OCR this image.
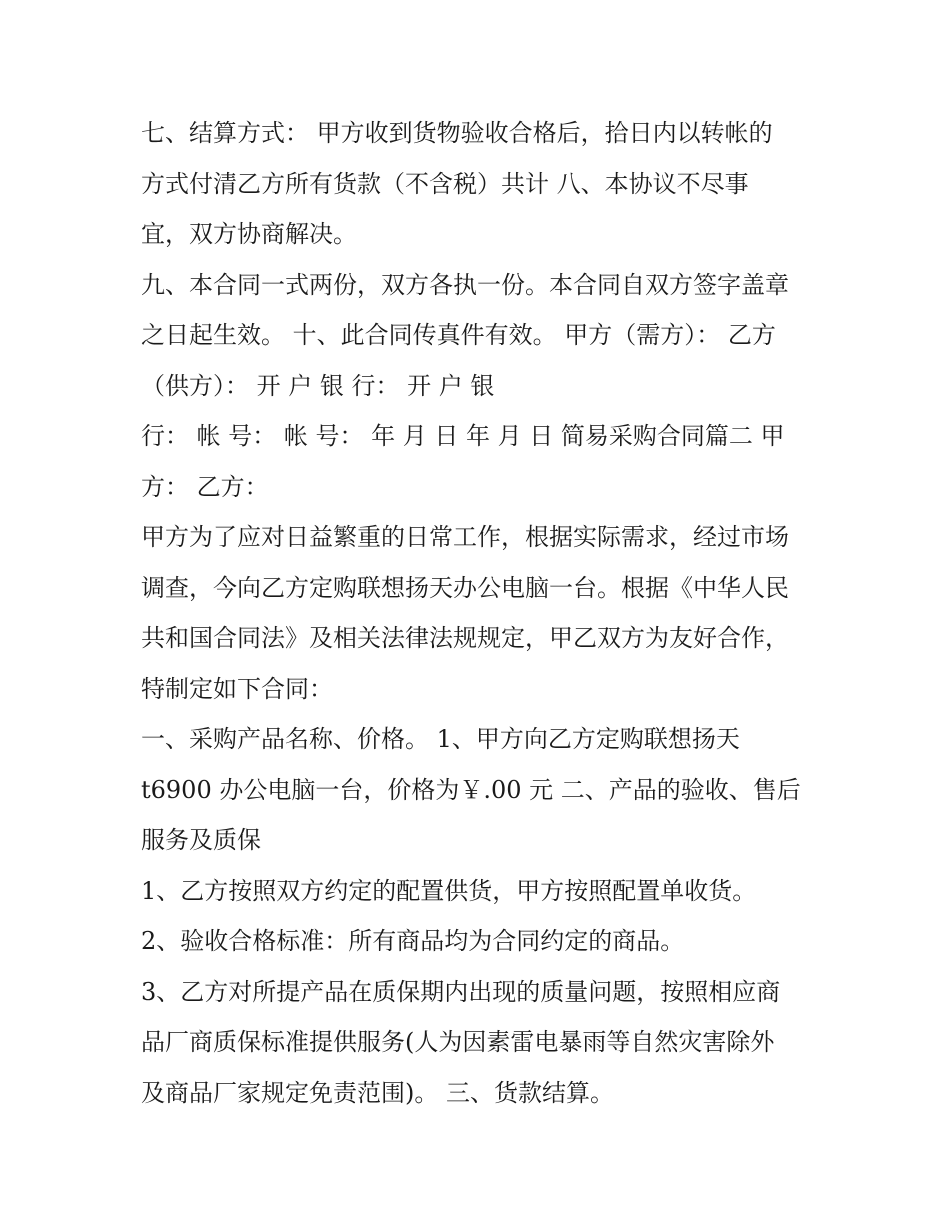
七、结算方式： 甲方收到货物验收合格后，拾日内以转帐的
方式付清乙方所有货款（不含税）共计 八、本协议不尽事
宜，双方协商解决。
九、本合同一式两份，双方各执一份。本合同自双方签字盖章
之日起生效。 十、此合同传真件有效。 甲方（需方）： 乙方
（供方）： 开 户 银 行： 开 户 银
行： 帐 号： 帐 号： 年 月 日 年 月 日 简易采购合同篇二 甲
方： 乙方：
甲方为了应对日益繁重的日常工作，根据实际需求，经过市场
调查，今向乙方定购联想扬天办公电脑一台。根据《中华人民
共和国合同法》及相关法律法规规定，甲乙双方为友好合作，
特制定如下合同：
一、采购产品名称、价格。 1、甲方向乙方定购联想扬天
t6900 办公电脑一台，价格为￥.00 元 二、产品的验收、售后
服务及质保
1、乙方按照双方约定的配置供货，甲方按照配置单收货。
2、验收合格标准：所有商品均为合同约定的商品。
3、乙方对所提产品在质保期内出现的质量问题，按照相应商
品厂商质保标准提供服务(人为因素雷电暴雨等自然灾害除外
及商品厂家规定免责范围)。 三、货款结算。
